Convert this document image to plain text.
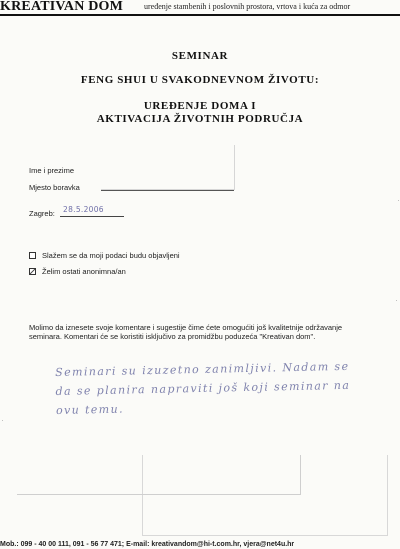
KREATIVAN DOM	uređenje stambenih i poslovnih prostora, vrtova i kuća za odmor
SEMINAR
FENG SHUI U SVAKODNEVNOM ŽIVOTU:
UREĐENJE DOMA I
AKTIVACIJA ŽIVOTNIH PODRUČJA
Ime i prezime
Mjesto boravka
Zagreb: 28.5.2006
Slažem se da moji podaci budu objavljeni
Želim ostati anonimna/an
Molimo da iznesete svoje komentare i sugestije čime ćete omogućiti još kvalitetnije održavanje seminara. Komentari će se koristiti isključivo za promidžbu poduzeća "Kreativan dom".
Seminari su izuzetno zanimljivi. Nadam se
da se planira napraviti još koji seminar na
ovu temu.
Mob.: 099 - 40 00 111, 091 - 56 77 471; E-mail: kreativandom@hi-t.com.hr, vjera@net4u.hr
